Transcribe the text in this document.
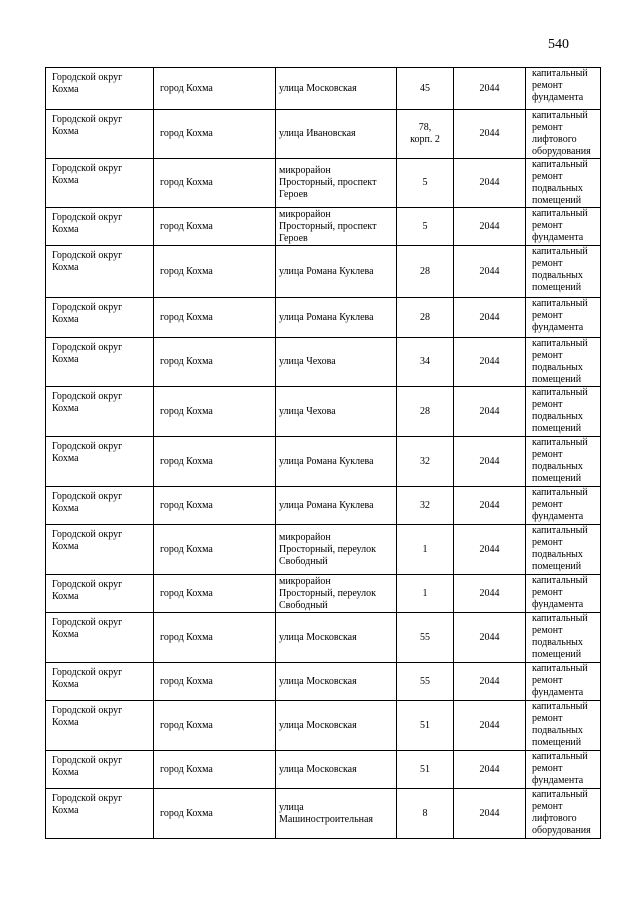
540
Городской округ
Кохма	город Кохма	улица Московская	45	2044	капитальный
ремонт
фундамента

Городской округ
Кохма	город Кохма	улица Ивановская	78,
корп. 2	2044	капитальный
ремонт
лифтового
оборудования

Городской округ
Кохма	город Кохма	микрорайон
Просторный, проспект
Героев	5	2044	капитальный
ремонт
подвальных
помещений

Городской округ
Кохма	город Кохма	микрорайон
Просторный, проспект
Героев	5	2044	капитальный
ремонт
фундамента

Городской округ
Кохма	город Кохма	улица Романа Куклева	28	2044	капитальный
ремонт
подвальных
помещений

Городской округ
Кохма	город Кохма	улица Романа Куклева	28	2044	капитальный
ремонт
фундамента

Городской округ
Кохма	город Кохма	улица Чехова	34	2044	капитальный
ремонт
подвальных
помещений

Городской округ
Кохма	город Кохма	улица Чехова	28	2044	капитальный
ремонт
подвальных
помещений

Городской округ
Кохма	город Кохма	улица Романа Куклева	32	2044	капитальный
ремонт
подвальных
помещений

Городской округ
Кохма	город Кохма	улица Романа Куклева	32	2044	капитальный
ремонт
фундамента

Городской округ
Кохма	город Кохма	микрорайон
Просторный, переулок
Свободный	1	2044	капитальный
ремонт
подвальных
помещений

Городской округ
Кохма	город Кохма	микрорайон
Просторный, переулок
Свободный	1	2044	капитальный
ремонт
фундамента

Городской округ
Кохма	город Кохма	улица Московская	55	2044	капитальный
ремонт
подвальных
помещений

Городской округ
Кохма	город Кохма	улица Московская	55	2044	капитальный
ремонт
фундамента

Городской округ
Кохма	город Кохма	улица Московская	51	2044	капитальный
ремонт
подвальных
помещений

Городской округ
Кохма	город Кохма	улица Московская	51	2044	капитальный
ремонт
фундамента

Городской округ
Кохма	город Кохма	улица
Машиностроительная	8	2044	капитальный
ремонт
лифтового
оборудования
